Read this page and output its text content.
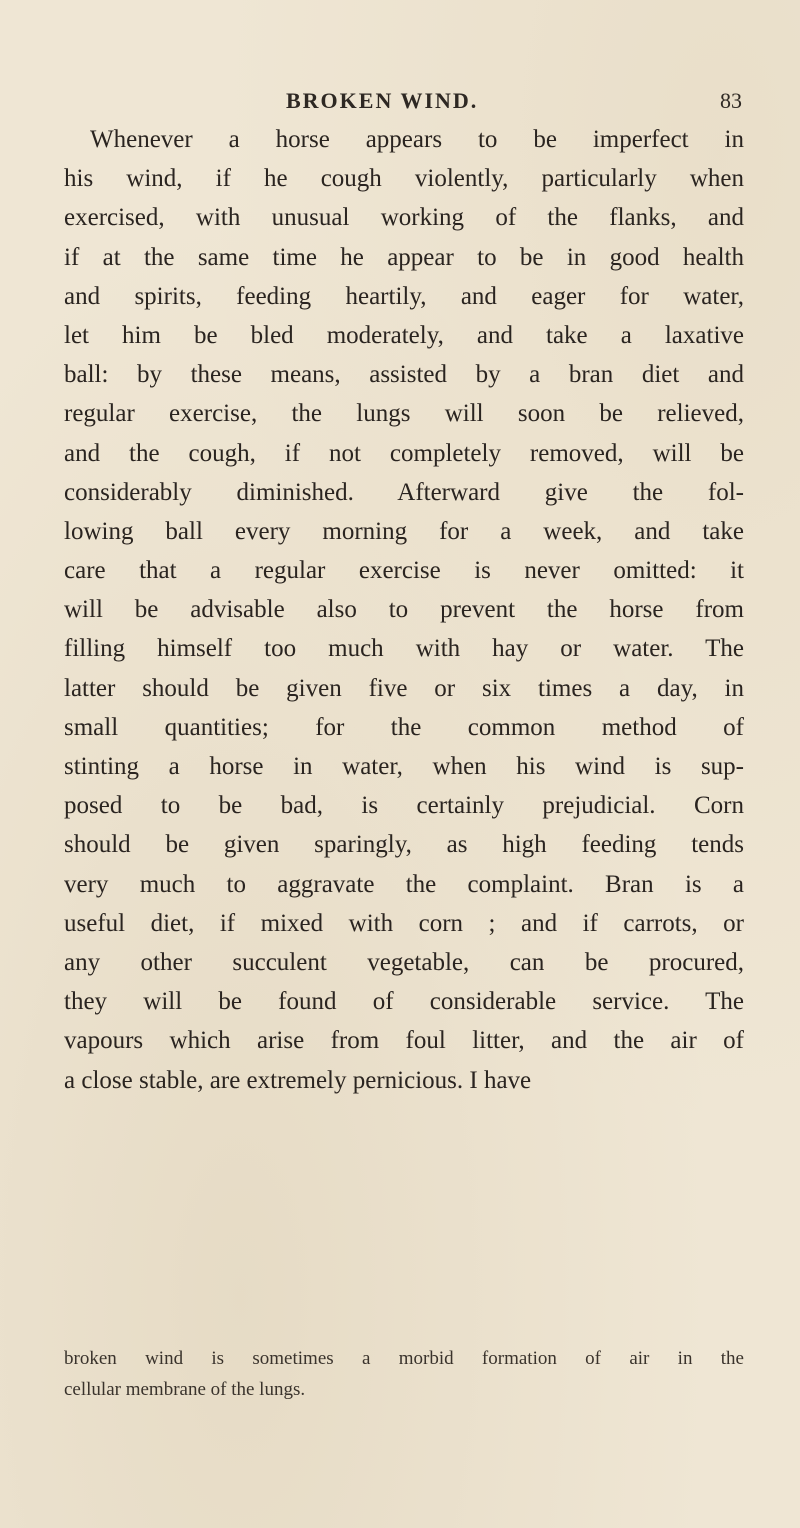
BROKEN WIND.	83
Whenever a horse appears to be imperfect in
his wind, if he cough violently, particularly when
exercised, with unusual working of the flanks, and
if at the same time he appear to be in good health
and spirits, feeding heartily, and eager for water,
let him be bled moderately, and take a laxative
ball: by these means, assisted by a bran diet and
regular exercise, the lungs will soon be relieved,
and the cough, if not completely removed, will be
considerably diminished. Afterward give the fol-
lowing ball every morning for a week, and take
care that a regular exercise is never omitted: it
will be advisable also to prevent the horse from
filling himself too much with hay or water. The
latter should be given five or six times a day, in
small quantities; for the common method of
stinting a horse in water, when his wind is sup-
posed to be bad, is certainly prejudicial. Corn
should be given sparingly, as high feeding tends
very much to aggravate the complaint. Bran is a
useful diet, if mixed with corn ; and if carrots, or
any other succulent vegetable, can be procured,
they will be found of considerable service. The
vapours which arise from foul litter, and the air of
a close stable, are extremely pernicious. I have
broken wind is sometimes a morbid formation of air in the
cellular membrane of the lungs.
